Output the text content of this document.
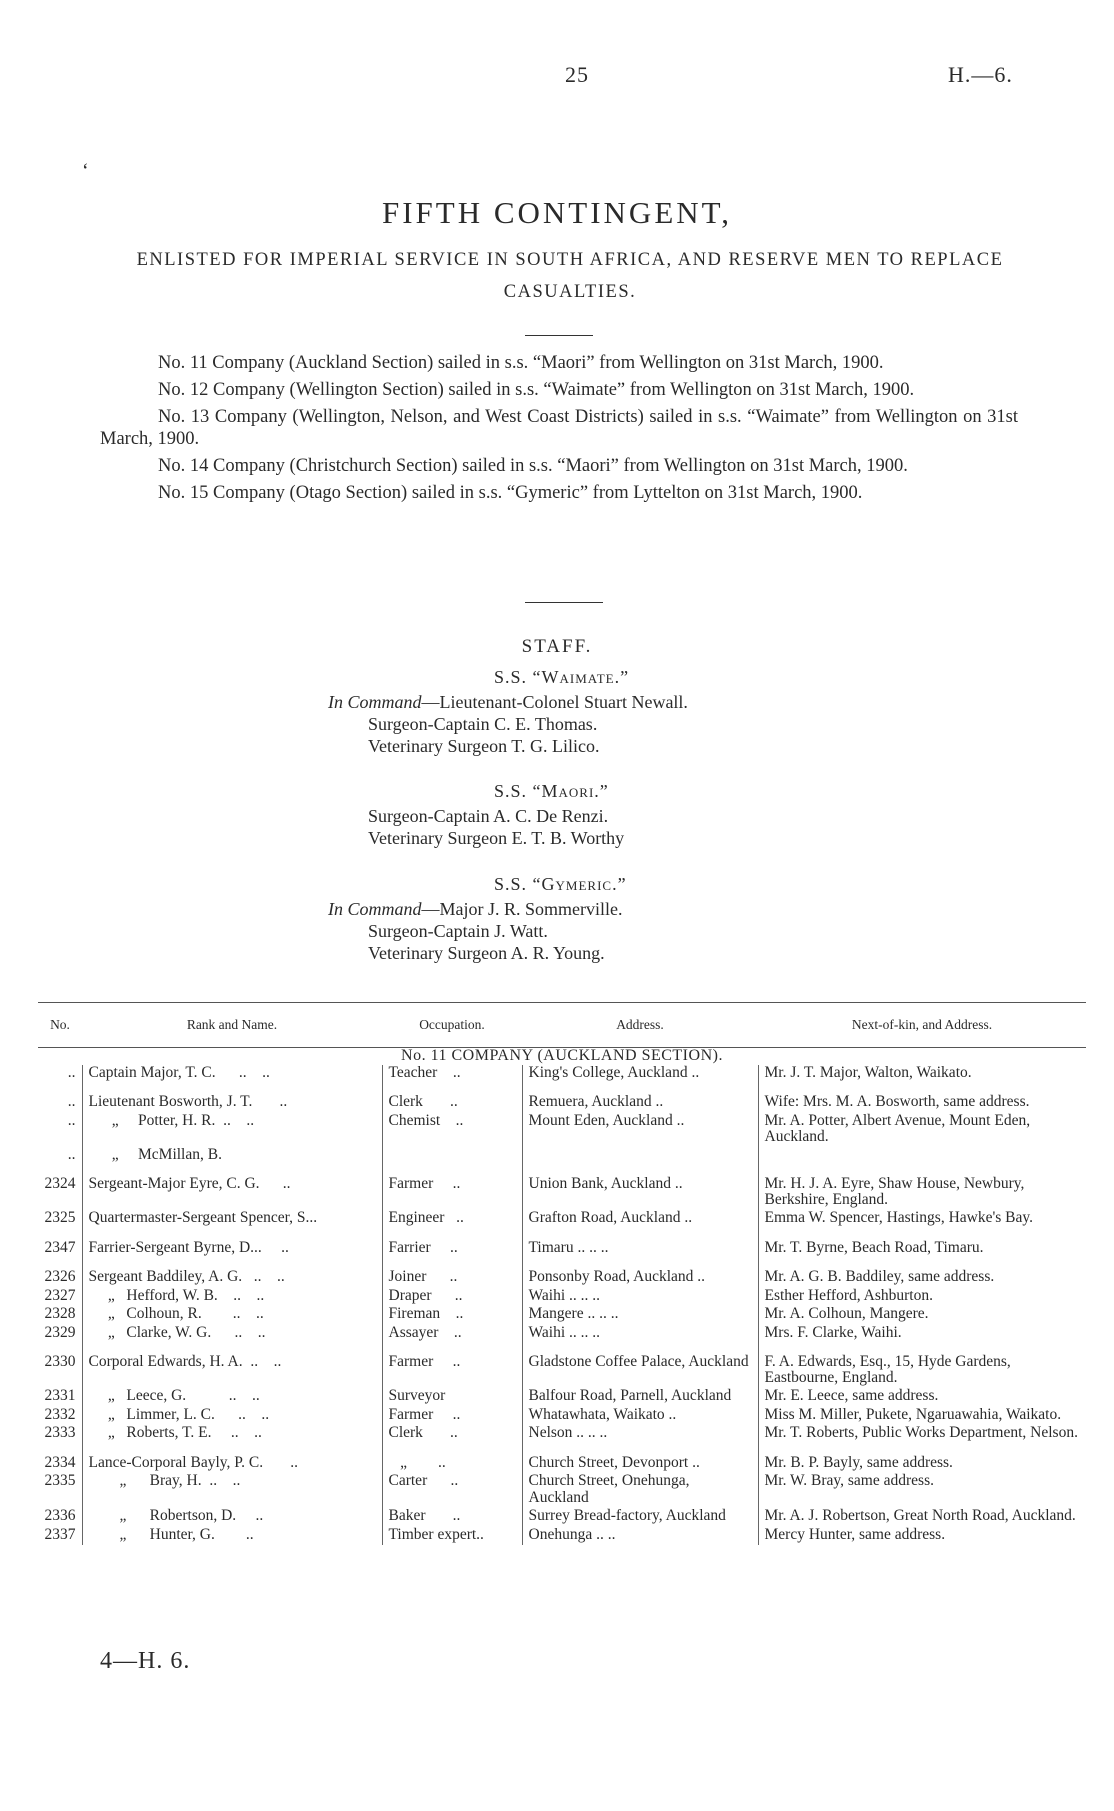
25	H.—6.
‘
FIFTH CONTINGENT,
ENLISTED FOR IMPERIAL SERVICE IN SOUTH AFRICA, AND RESERVE MEN TO REPLACE CASUALTIES.

No. 11 Company (Auckland Section) sailed in s.s. “Maori” from Wellington on 31st March, 1900.

No. 12 Company (Wellington Section) sailed in s.s. “Waimate” from Wellington on 31st March, 1900.

No. 13 Company (Wellington, Nelson, and West Coast Districts) sailed in s.s. “Waimate” from Wellington on 31st March, 1900.

No. 14 Company (Christchurch Section) sailed in s.s. “Maori” from Wellington on 31st March, 1900.

No. 15 Company (Otago Section) sailed in s.s. “Gymeric” from Lyttelton on 31st March, 1900.

STAFF.
S.S. “Waimate.”
In Command—Lieutenant-Colonel Stuart Newall.
Surgeon-Captain C. E. Thomas.
Veterinary Surgeon T. G. Lilico.
S.S. “Maori.”
Surgeon-Captain A. C. De Renzi.
Veterinary Surgeon E. T. B. Worthy
S.S. “Gymeric.”
In Command—Major J. R. Sommerville.
Surgeon-Captain J. Watt.
Veterinary Surgeon A. R. Young.
No.	Rank and Name.	Occupation.	Address.	Next-of-kin, and Address.
No. 11 COMPANY (AUCKLAND SECTION).				
..	Captain Major, T. C.      ..    ..	Teacher    ..	King's College, Auckland ..	Mr. J. T. Major, Walton, Waikato.
..	Lieutenant Bosworth, J. T.       ..	Clerk       ..	Remuera, Auckland ..	Wife: Mrs. M. A. Bosworth, same address.
..	„     Potter, H. R.  ..    ..	Chemist    ..	Mount Eden, Auckland ..	Mr. A. Potter, Albert Avenue, Mount Eden, Auckland.
..	„     McMillan, B.			
2324	Sergeant-Major Eyre, C. G.      ..	Farmer     ..	Union Bank, Auckland ..	Mr. H. J. A. Eyre, Shaw House, Newbury, Berkshire, England.
2325	Quartermaster-Sergeant Spencer, S...	Engineer   ..	Grafton Road, Auckland ..	Emma W. Spencer, Hastings, Hawke's Bay.
2347	Farrier-Sergeant Byrne, D...     ..	Farrier     ..	Timaru .. .. ..	Mr. T. Byrne, Beach Road, Timaru.
2326	Sergeant Baddiley, A. G.   ..    ..	Joiner      ..	Ponsonby Road, Auckland ..	Mr. A. G. B. Baddiley, same address.
2327	„   Hefford, W. B.    ..    ..	Draper      ..	Waihi .. .. ..	Esther Hefford, Ashburton.
2328	„   Colhoun, R.        ..    ..	Fireman    ..	Mangere .. .. ..	Mr. A. Colhoun, Mangere.
2329	„   Clarke, W. G.      ..    ..	Assayer    ..	Waihi .. .. ..	Mrs. F. Clarke, Waihi.
2330	Corporal Edwards, H. A.  ..    ..	Farmer     ..	Gladstone Coffee Palace, Auckland	F. A. Edwards, Esq., 15, Hyde Gardens, Eastbourne, England.
2331	„   Leece, G.           ..    ..	Surveyor	Balfour Road, Parnell, Auckland	Mr. E. Leece, same address.
2332	„   Limmer, L. C.      ..    ..	Farmer     ..	Whatawhata, Waikato ..	Miss M. Miller, Pukete, Ngaruawahia, Waikato.
2333	„   Roberts, T. E.     ..    ..	Clerk       ..	Nelson .. .. ..	Mr. T. Roberts, Public Works Department, Nelson.
2334	Lance-Corporal Bayly, P. C.       ..	„        ..	Church Street, Devonport ..	Mr. B. P. Bayly, same address.
2335	„      Bray, H.  ..    ..	Carter      ..	Church Street, Onehunga, Auckland	Mr. W. Bray, same address.
2336	„      Robertson, D.     ..	Baker       ..	Surrey Bread-factory, Auckland	Mr. A. J. Robertson, Great North Road, Auckland.
2337	„      Hunter, G.        ..	Timber expert..	Onehunga .. ..	Mercy Hunter, same address.
4—H. 6.
